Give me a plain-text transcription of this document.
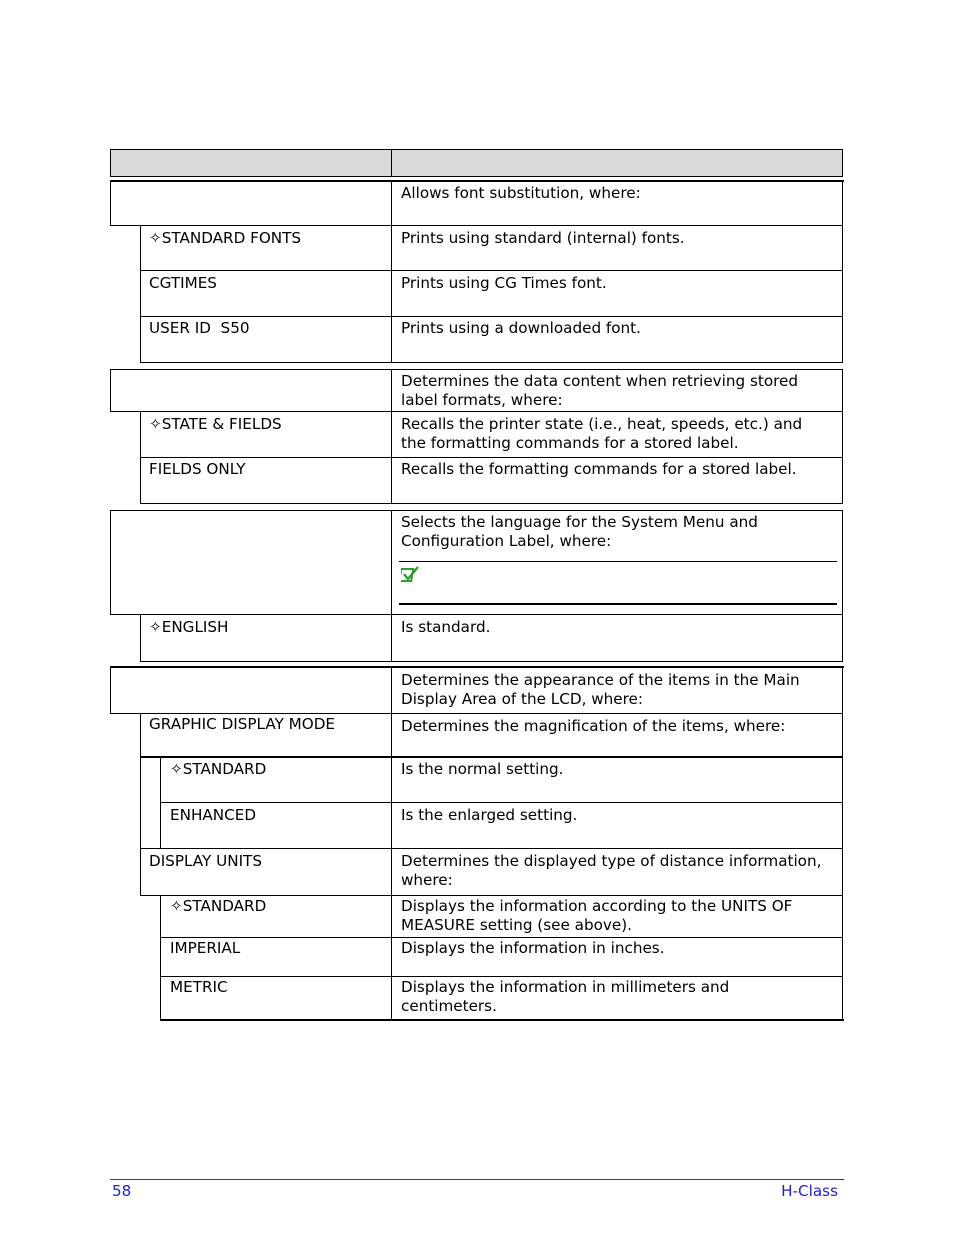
Allows font substitution, where:
✧STANDARD FONTS	Prints using standard (internal) fonts.
CGTIMES	Prints using CG Times font.
USER ID  S50	Prints using a downloaded font.
Determines the data content when retrieving stored
label formats, where:
✧STATE & FIELDS	Recalls the printer state (i.e., heat, speeds, etc.) and
the formatting commands for a stored label.
FIELDS ONLY	Recalls the formatting commands for a stored label.
Selects the language for the System Menu and
Configuration Label, where:
✧ENGLISH	Is standard.
Determines the appearance of the items in the Main
Display Area of the LCD, where:
GRAPHIC DISPLAY MODE	Determines the magnification of the items, where:
✧STANDARD	Is the normal setting.
ENHANCED	Is the enlarged setting.
DISPLAY UNITS	Determines the displayed type of distance information,
where:
✧STANDARD	Displays the information according to the UNITS OF
MEASURE setting (see above).
IMPERIAL	Displays the information in inches.
METRIC	Displays the information in millimeters and
centimeters.
58	H-Class
